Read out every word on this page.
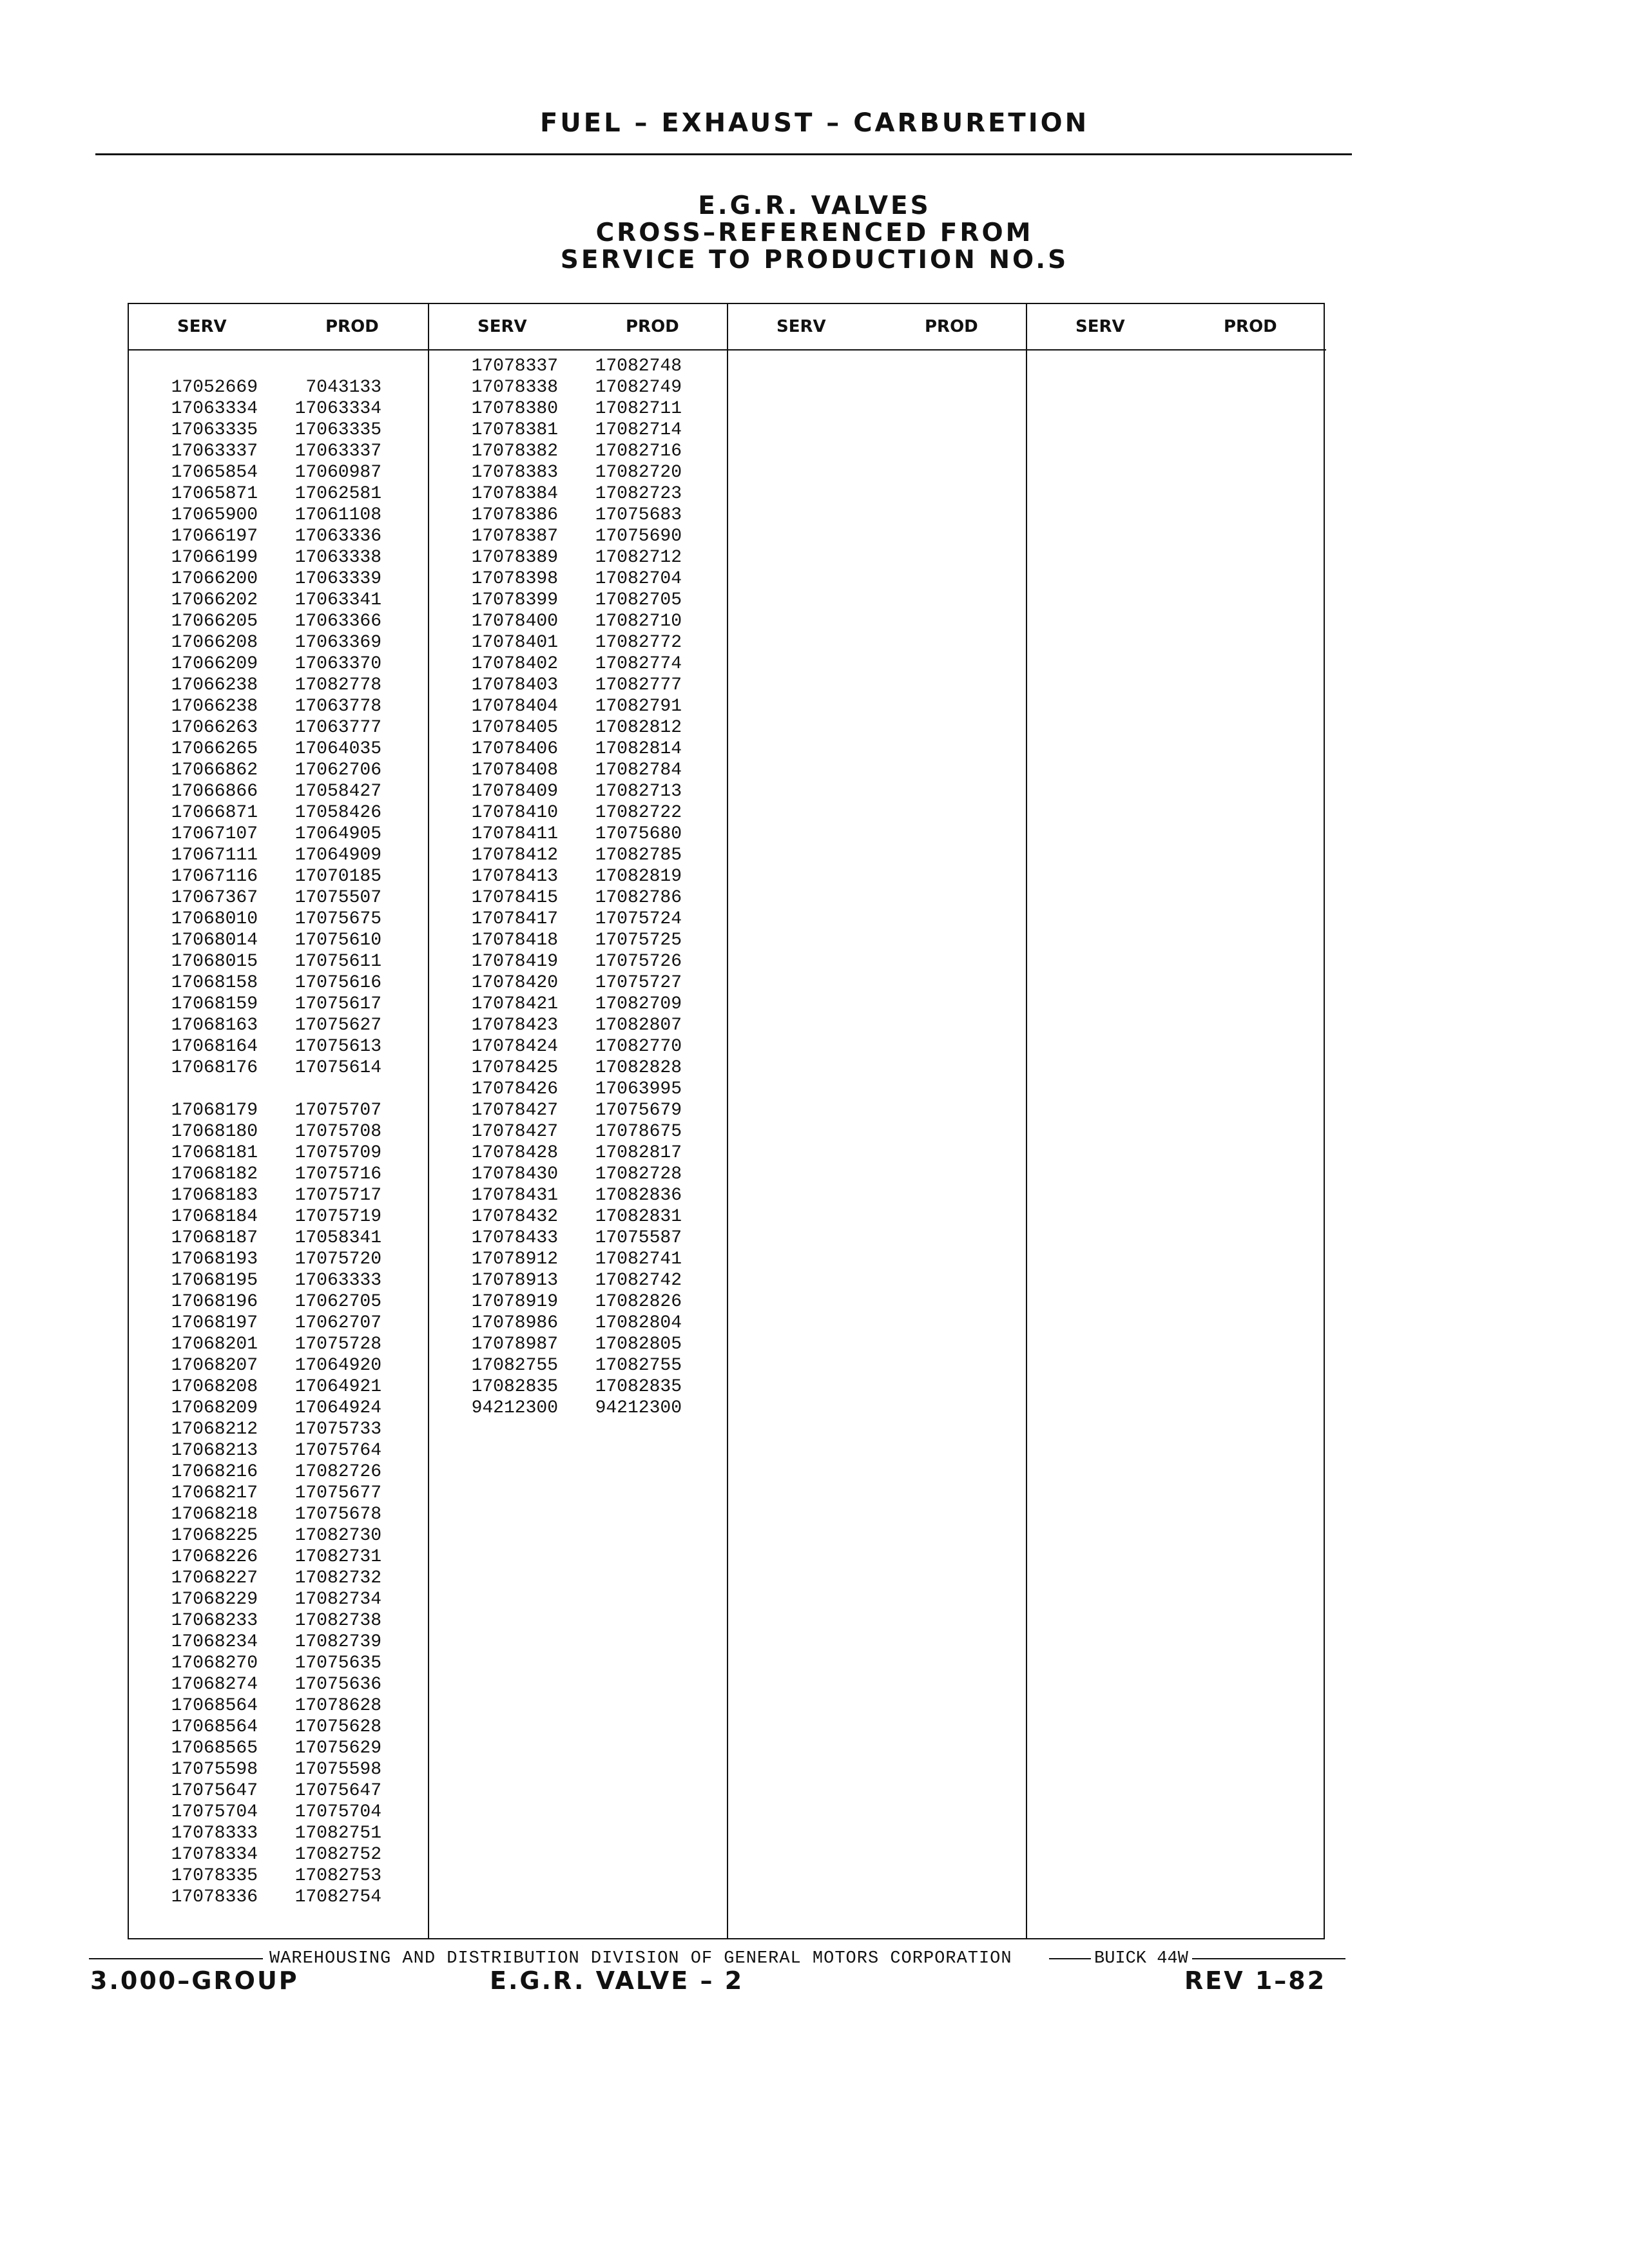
FUEL – EXHAUST – CARBURETION
E.G.R. VALVES
CROSS–REFERENCED FROM
SERVICE TO PRODUCTION NO.S
SERV	PROD
17052669	7043133
17063334	17063334
17063335	17063335
17063337	17063337
17065854	17060987
17065871	17062581
17065900	17061108
17066197	17063336
17066199	17063338
17066200	17063339
17066202	17063341
17066205	17063366
17066208	17063369
17066209	17063370
17066238	17082778
17066238	17063778
17066263	17063777
17066265	17064035
17066862	17062706
17066866	17058427
17066871	17058426
17067107	17064905
17067111	17064909
17067116	17070185
17067367	17075507
17068010	17075675
17068014	17075610
17068015	17075611
17068158	17075616
17068159	17075617
17068163	17075627
17068164	17075613
17068176	17075614
17068179	17075707
17068180	17075708
17068181	17075709
17068182	17075716
17068183	17075717
17068184	17075719
17068187	17058341
17068193	17075720
17068195	17063333
17068196	17062705
17068197	17062707
17068201	17075728
17068207	17064920
17068208	17064921
17068209	17064924
17068212	17075733
17068213	17075764
17068216	17082726
17068217	17075677
17068218	17075678
17068225	17082730
17068226	17082731
17068227	17082732
17068229	17082734
17068233	17082738
17068234	17082739
17068270	17075635
17068274	17075636
17068564	17078628
17068564	17075628
17068565	17075629
17075598	17075598
17075647	17075647
17075704	17075704
17078333	17082751
17078334	17082752
17078335	17082753
17078336	17082754
SERV	PROD
17078337	17082748
17078338	17082749
17078380	17082711
17078381	17082714
17078382	17082716
17078383	17082720
17078384	17082723
17078386	17075683
17078387	17075690
17078389	17082712
17078398	17082704
17078399	17082705
17078400	17082710
17078401	17082772
17078402	17082774
17078403	17082777
17078404	17082791
17078405	17082812
17078406	17082814
17078408	17082784
17078409	17082713
17078410	17082722
17078411	17075680
17078412	17082785
17078413	17082819
17078415	17082786
17078417	17075724
17078418	17075725
17078419	17075726
17078420	17075727
17078421	17082709
17078423	17082807
17078424	17082770
17078425	17082828
17078426	17063995
17078427	17075679
17078427	17078675
17078428	17082817
17078430	17082728
17078431	17082836
17078432	17082831
17078433	17075587
17078912	17082741
17078913	17082742
17078919	17082826
17078986	17082804
17078987	17082805
17082755	17082755
17082835	17082835
94212300	94212300
SERV	PROD	SERV	PROD
WAREHOUSING AND DISTRIBUTION DIVISION OF GENERAL MOTORS CORPORATION	BUICK 44W
3.000–GROUP	E.G.R. VALVE – 2	REV 1–82
